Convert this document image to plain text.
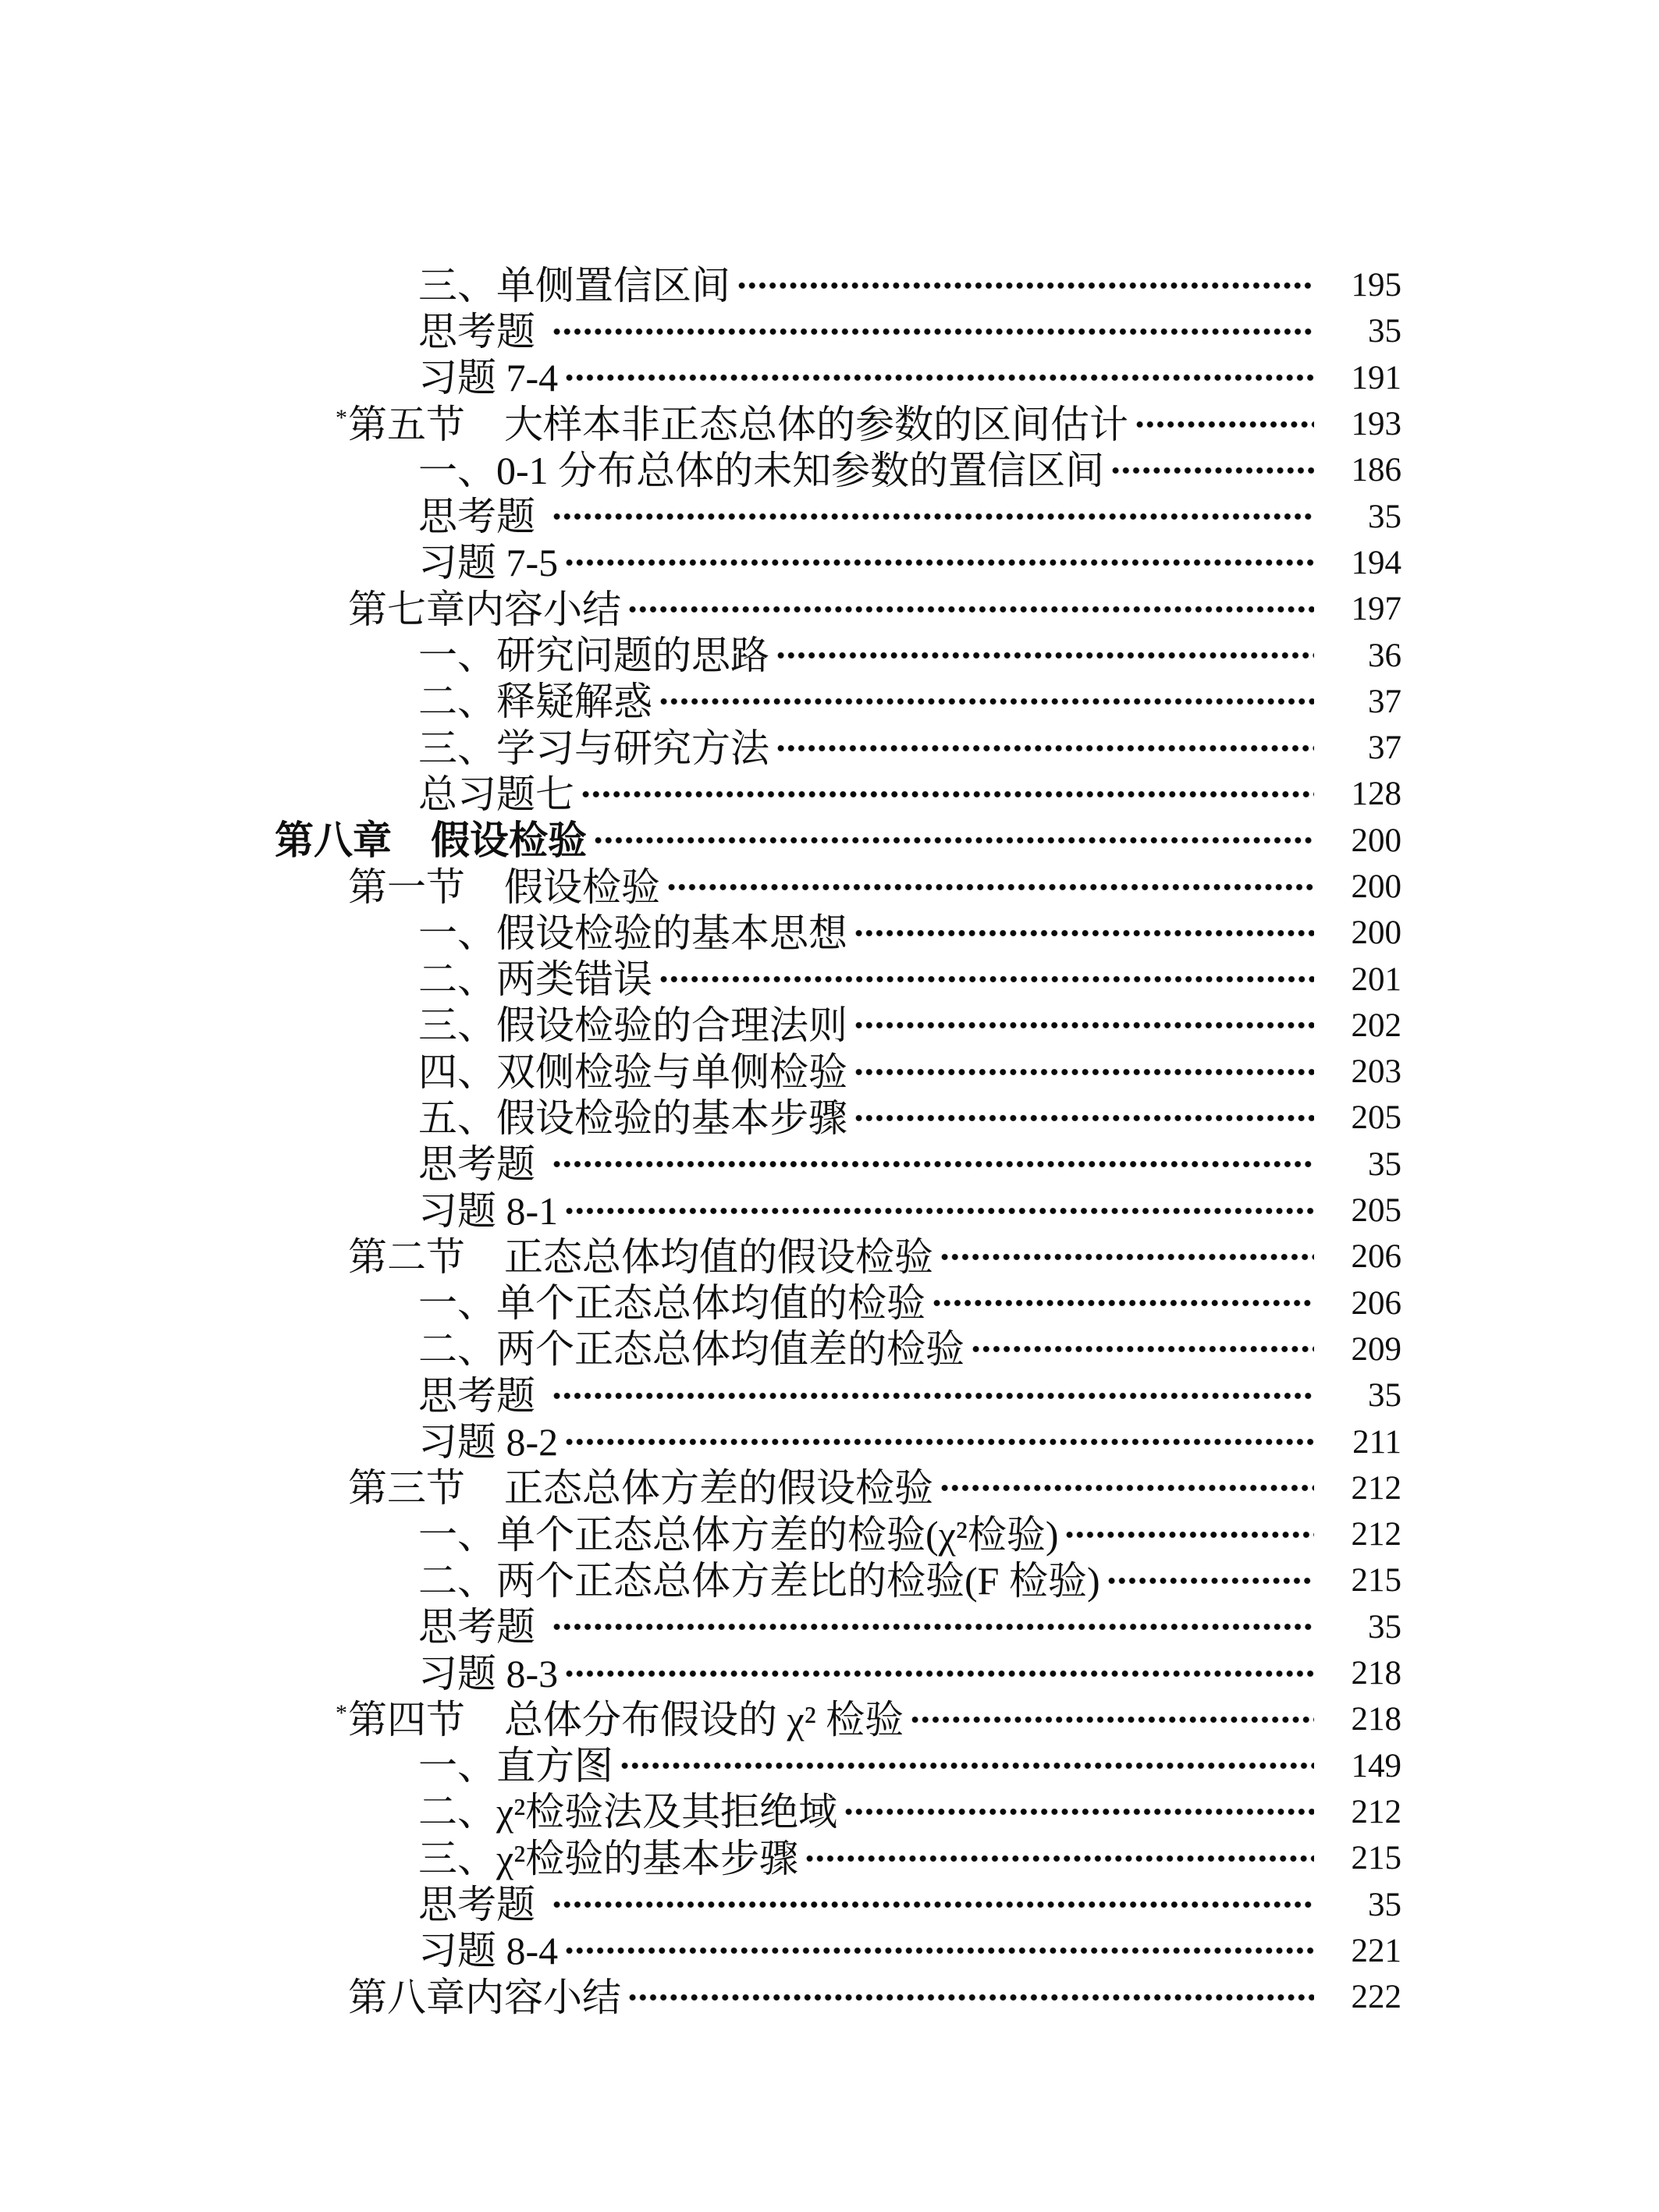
三、单侧置信区间	195
思考题	35
习题 7-4	191
*第五节　大样本非正态总体的参数的区间估计	193
一、0-1 分布总体的未知参数的置信区间	186
思考题	35
习题 7-5	194
第七章内容小结	197
一、研究问题的思路	36
二、释疑解惑	37
三、学习与研究方法	37
总习题七	128
第八章　假设检验	200
第一节　假设检验	200
一、假设检验的基本思想	200
二、两类错误	201
三、假设检验的合理法则	202
四、双侧检验与单侧检验	203
五、假设检验的基本步骤	205
思考题	35
习题 8-1	205
第二节　正态总体均值的假设检验	206
一、单个正态总体均值的检验	206
二、两个正态总体均值差的检验	209
思考题	35
习题 8-2	211
第三节　正态总体方差的假设检验	212
一、单个正态总体方差的检验(χ²检验)	212
二、两个正态总体方差比的检验(F 检验)	215
思考题	35
习题 8-3	218
*第四节　总体分布假设的 χ² 检验	218
一、直方图	149
二、χ²检验法及其拒绝域	212
三、χ²检验的基本步骤	215
思考题	35
习题 8-4	221
第八章内容小结	222
